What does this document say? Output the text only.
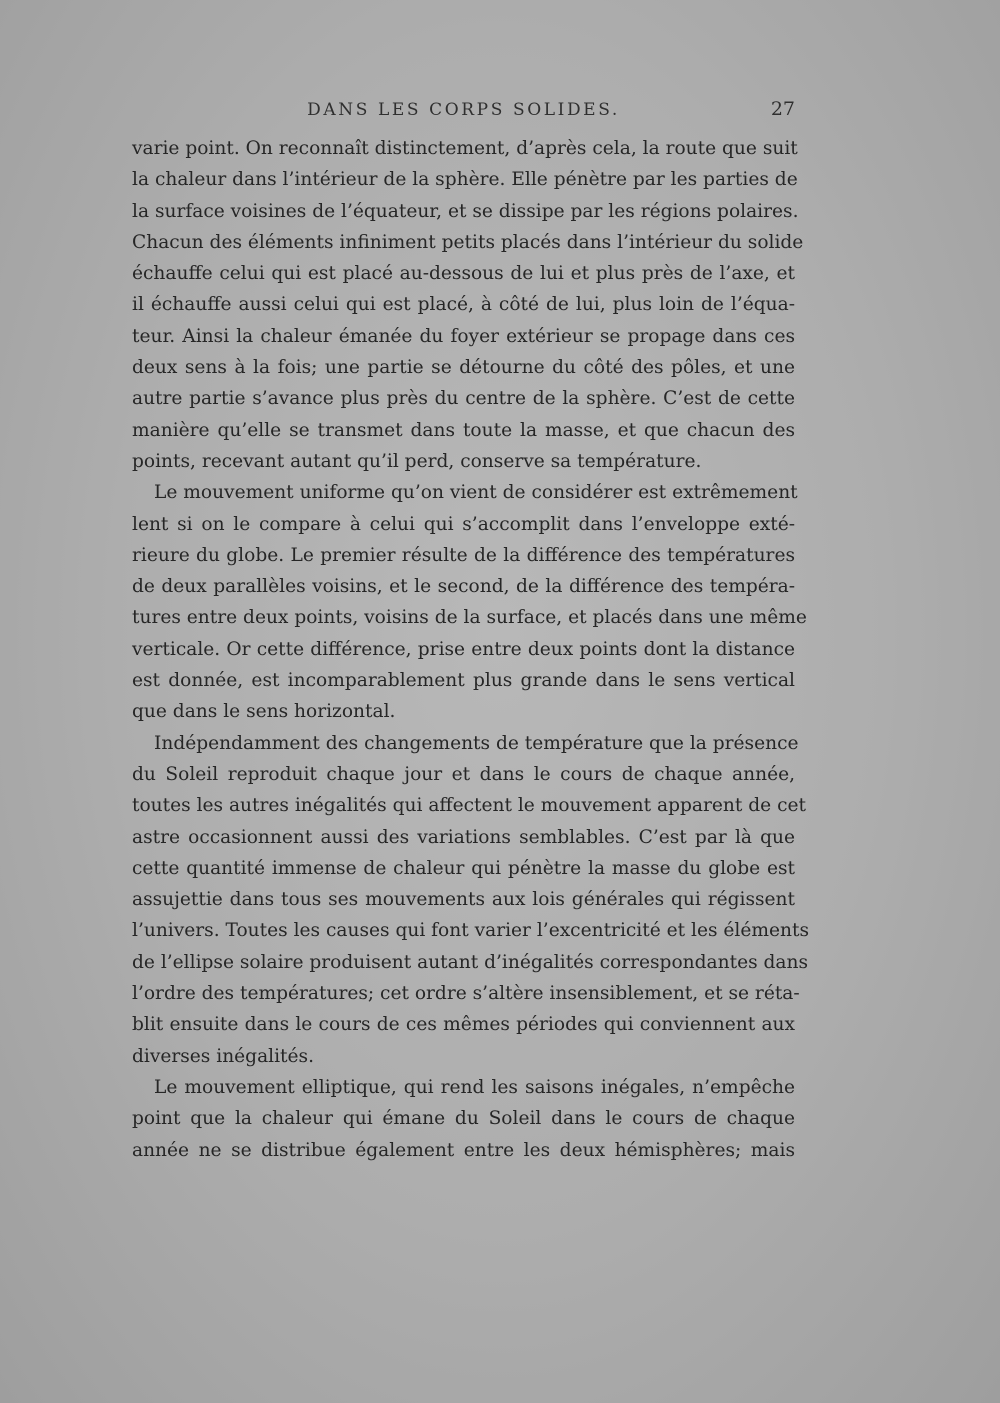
DANS LES CORPS SOLIDES.	27

varie point. On reconnaît distinctement, d’après cela, la route que suit

la chaleur dans l’intérieur de la sphère. Elle pénètre par les parties de

la surface voisines de l’équateur, et se dissipe par les régions polaires.

Chacun des éléments infiniment petits placés dans l’intérieur du solide

échauffe celui qui est placé au-dessous de lui et plus près de l’axe, et

il échauffe aussi celui qui est placé, à côté de lui, plus loin de l’équa-

teur. Ainsi la chaleur émanée du foyer extérieur se propage dans ces

deux sens à la fois; une partie se détourne du côté des pôles, et une

autre partie s’avance plus près du centre de la sphère. C’est de cette

manière qu’elle se transmet dans toute la masse, et que chacun des

points, recevant autant qu’il perd, conserve sa température.

Le mouvement uniforme qu’on vient de considérer est extrêmement

lent si on le compare à celui qui s’accomplit dans l’enveloppe exté-

rieure du globe. Le premier résulte de la différence des températures

de deux parallèles voisins, et le second, de la différence des tempéra-

tures entre deux points, voisins de la surface, et placés dans une même

verticale. Or cette différence, prise entre deux points dont la distance

est donnée, est incomparablement plus grande dans le sens vertical

que dans le sens horizontal.

Indépendamment des changements de température que la présence

du Soleil reproduit chaque jour et dans le cours de chaque année,

toutes les autres inégalités qui affectent le mouvement apparent de cet

astre occasionnent aussi des variations semblables. C’est par là que

cette quantité immense de chaleur qui pénètre la masse du globe est

assujettie dans tous ses mouvements aux lois générales qui régissent

l’univers. Toutes les causes qui font varier l’excentricité et les éléments

de l’ellipse solaire produisent autant d’inégalités correspondantes dans

l’ordre des températures; cet ordre s’altère insensiblement, et se réta-

blit ensuite dans le cours de ces mêmes périodes qui conviennent aux

diverses inégalités.

Le mouvement elliptique, qui rend les saisons inégales, n’empêche

point que la chaleur qui émane du Soleil dans le cours de chaque

année ne se distribue également entre les deux hémisphères; mais
